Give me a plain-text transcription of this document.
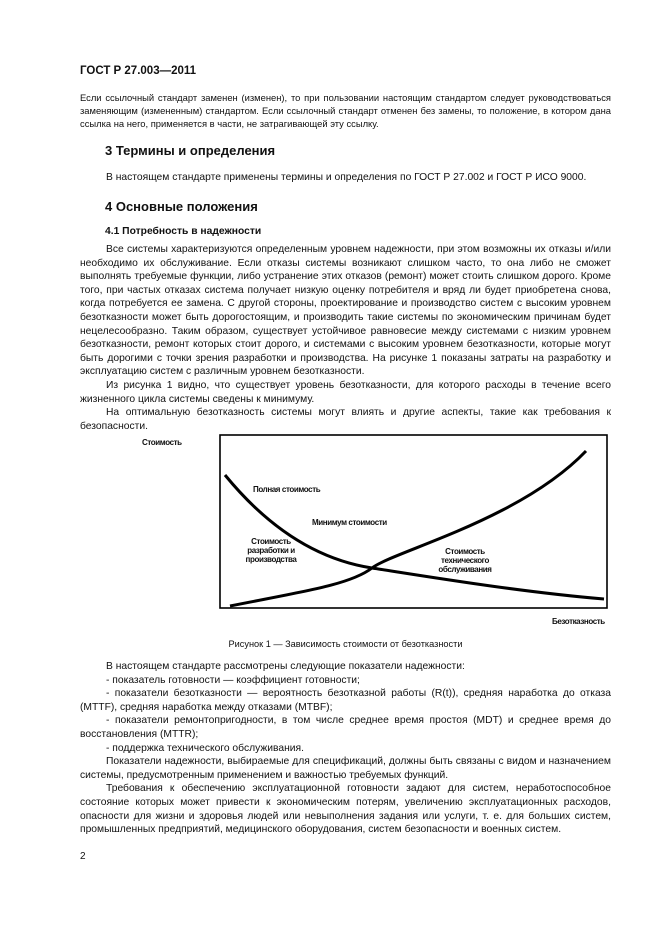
ГОСТ Р 27.003—2011

Если ссылочный стандарт заменен (изменен), то при пользовании настоящим стандартом следует руководствоваться заменяющим (измененным) стандартом. Если ссылочный стандарт отменен без замены, то положение, в котором дана ссылка на него, применяется в части, не затрагивающей эту ссылку.

3 Термины и определения

В настоящем стандарте применены термины и определения по ГОСТ Р 27.002 и ГОСТ Р ИСО 9000.

4 Основные положения
4.1 Потребность в надежности

Все системы характеризуются определенным уровнем надежности, при этом возможны их отказы и/или необходимо их обслуживание. Если отказы системы возникают слишком часто, то она либо не сможет выполнять требуемые функции, либо устранение этих отказов (ремонт) может стоить слишком дорого. Кроме того, при частых отказах система получает низкую оценку потребителя и вряд ли будет приобретена снова, когда потребуется ее замена. С другой стороны, проектирование и производство систем с высоким уровнем безотказности может быть дорогостоящим, и производить такие системы по экономическим причинам будет нецелесообразно. Таким образом, существует устойчивое равновесие между системами с низким уровнем безотказности, ремонт которых стоит дорого, и системами с высоким уровнем безотказности, которые могут быть дорогими с точки зрения разработки и производства. На рисунке 1 показаны затраты на разработку и эксплуатацию систем с различным уровнем безотказности.

Из рисунка 1 видно, что существует уровень безотказности, для которого расходы в течение всего жизненного цикла системы сведены к минимуму.

На оптимальную безотказность системы могут влиять и другие аспекты, такие как требования к безопасности.

Стоимость
Безотказность
Полная стоимость
Минимум стоимости
Стоимость разработки и производства
Стоимость технического обслуживания
Рисунок 1 — Зависимость стоимости от безотказности

В настоящем стандарте рассмотрены следующие показатели надежности:

- показатель готовности — коэффициент готовности;

- показатели безотказности — вероятность безотказной работы (R(t)), средняя наработка до отказа (MTTF), средняя наработка между отказами (MTBF);

- показатели ремонтопригодности, в том числе среднее время простоя (MDT) и среднее время до восстановления (MTTR);

- поддержка технического обслуживания.

Показатели надежности, выбираемые для спецификаций, должны быть связаны с видом и назначением системы, предусмотренным применением и важностью требуемых функций.

Требования к обеспечению эксплуатационной готовности задают для систем, неработоспособное состояние которых может привести к экономическим потерям, увеличению эксплуатационных расходов, опасности для жизни и здоровья людей или невыполнения задания или услуги, т. е. для больших систем, промышленных предприятий, медицинского оборудования, систем безопасности и военных систем.

2
